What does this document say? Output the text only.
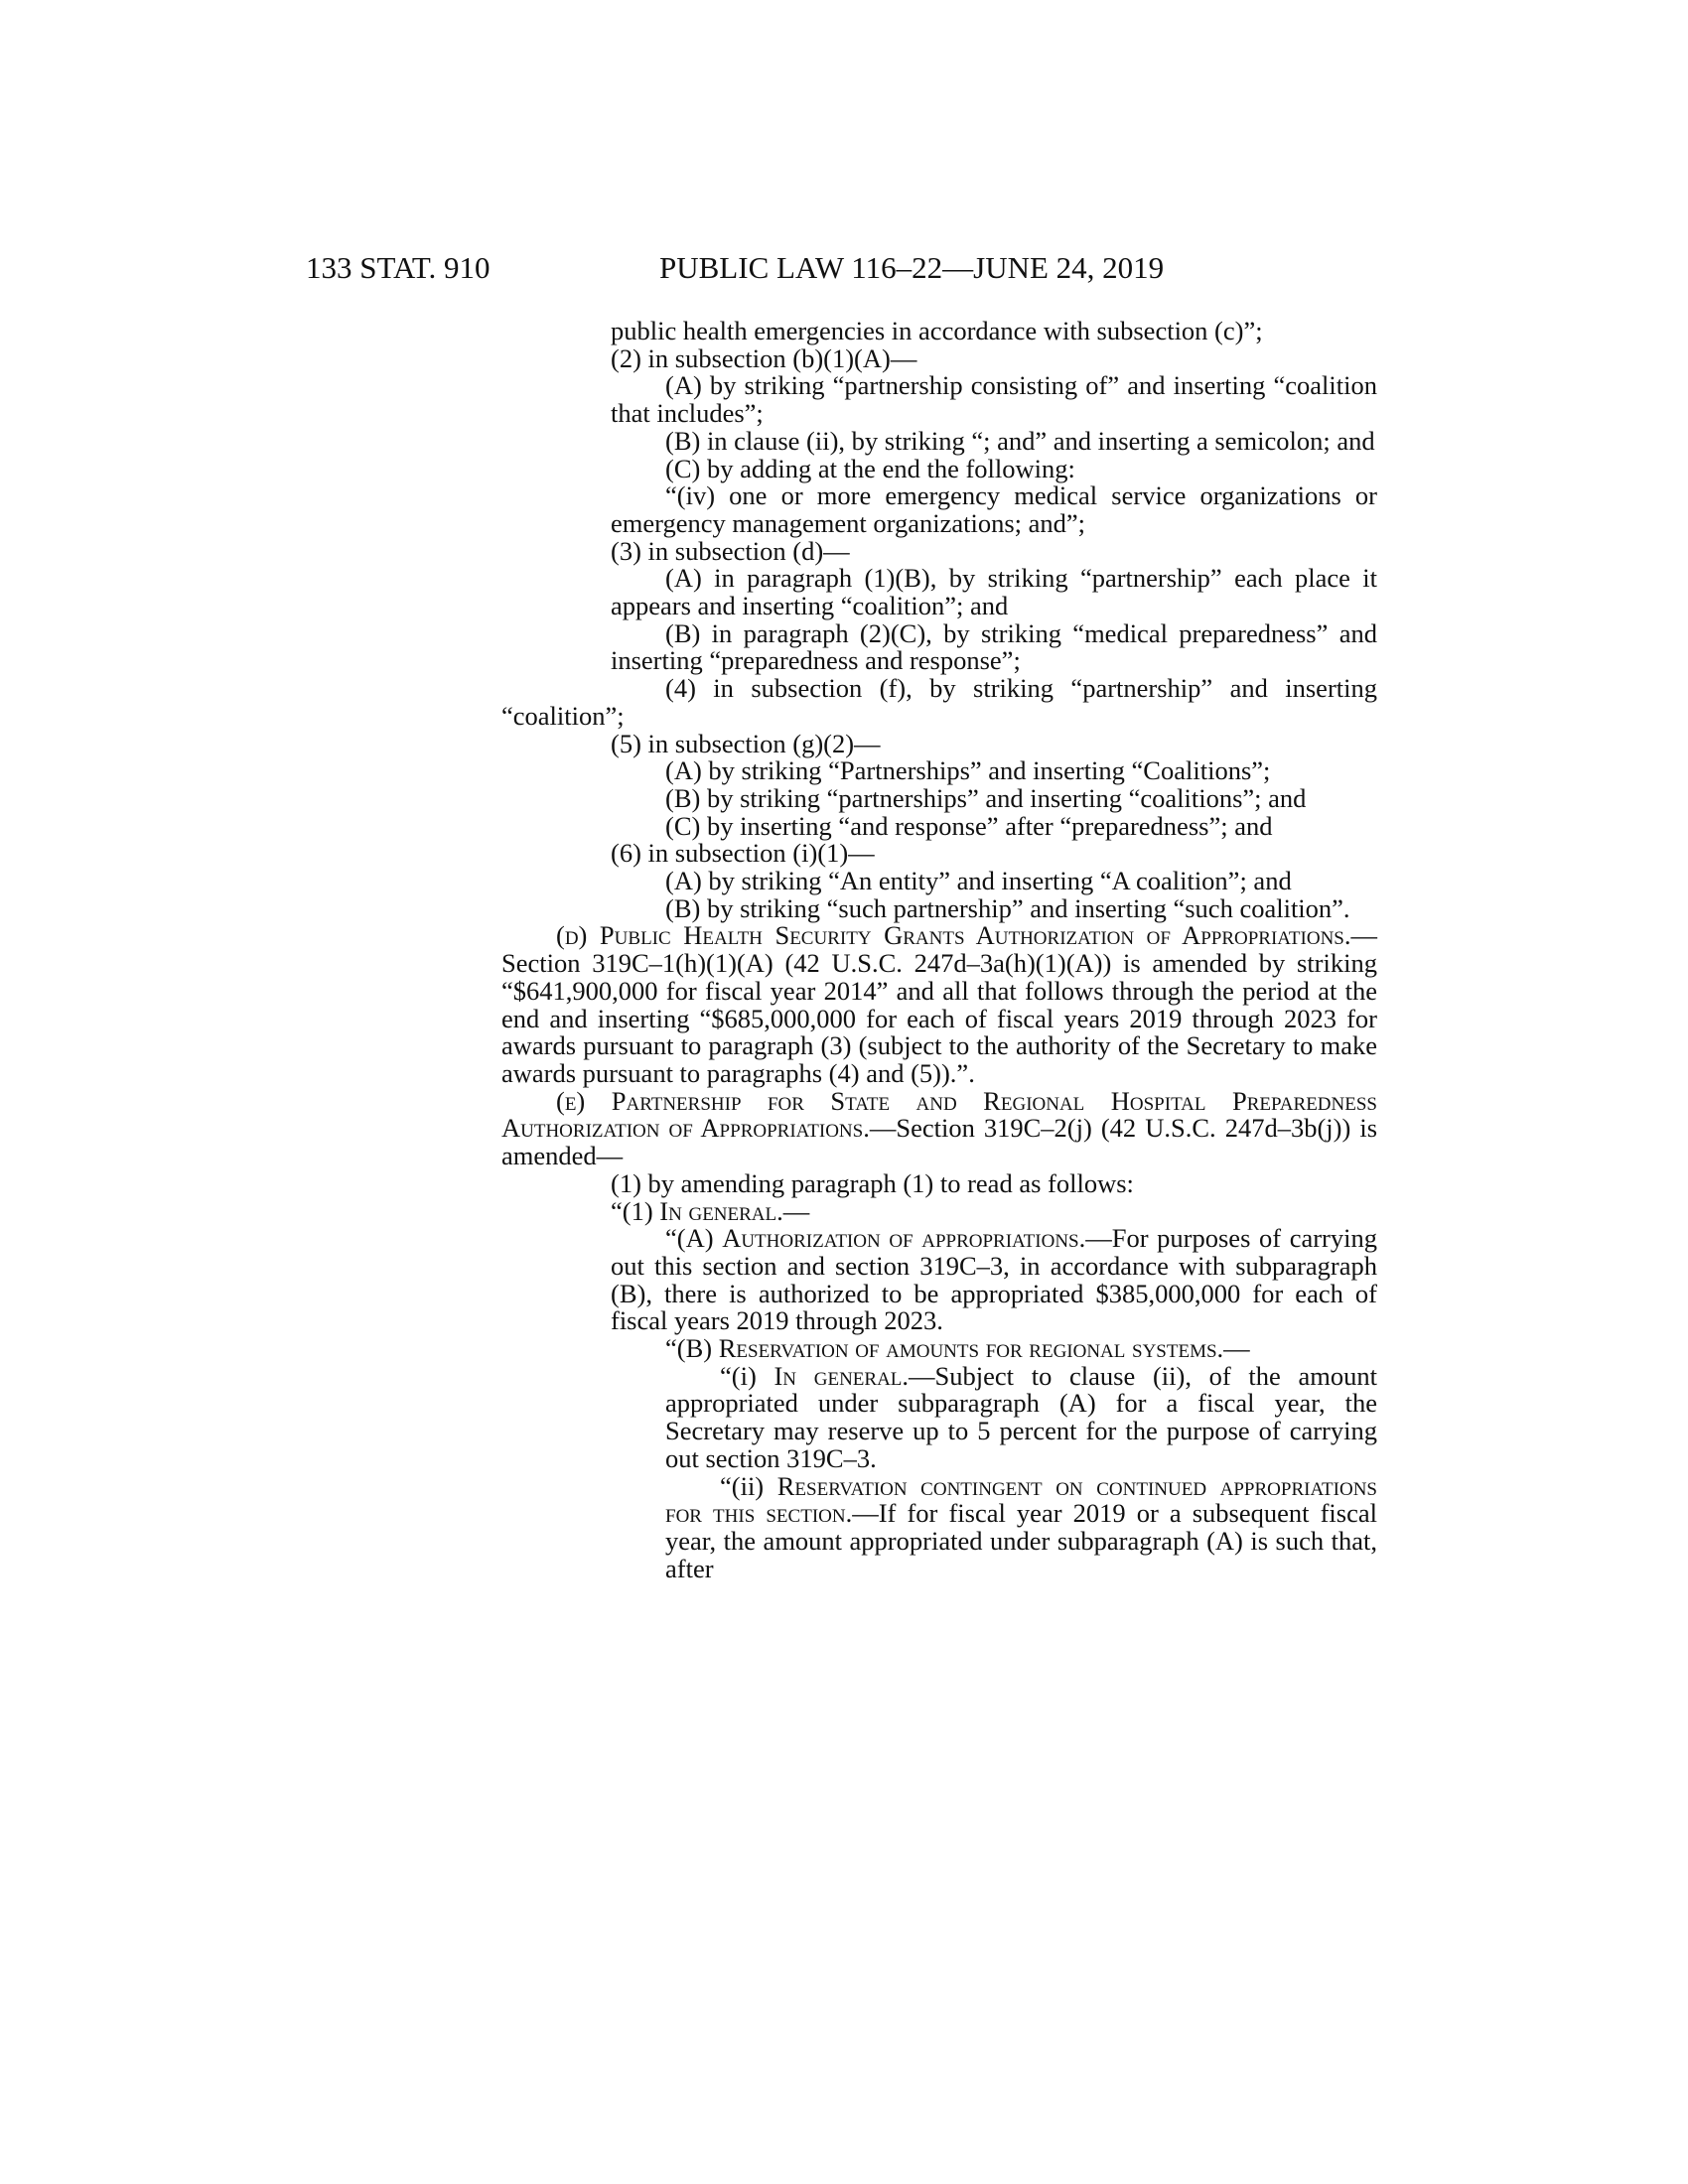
133 STAT. 910	PUBLIC LAW 116–22—JUNE 24, 2019

public health emergencies in accordance with subsection (c)”;

(2) in subsection (b)(1)(A)—

(A) by striking “partnership consisting of” and inserting “coalition that includes”;

(B) in clause (ii), by striking “; and” and inserting a semicolon; and

(C) by adding at the end the following:

“(iv) one or more emergency medical service organizations or emergency management organizations; and”;

(3) in subsection (d)—

(A) in paragraph (1)(B), by striking “partnership” each place it appears and inserting “coalition”; and

(B) in paragraph (2)(C), by striking “medical preparedness” and inserting “preparedness and response”;

(4) in subsection (f), by striking “partnership” and inserting “coalition”;

(5) in subsection (g)(2)—

(A) by striking “Partnerships” and inserting “Coalitions”;

(B) by striking “partnerships” and inserting “coalitions”; and

(C) by inserting “and response” after “preparedness”; and

(6) in subsection (i)(1)—

(A) by striking “An entity” and inserting “A coalition”; and

(B) by striking “such partnership” and inserting “such coalition”.

(d) Public Health Security Grants Authorization of Appropriations.—Section 319C–1(h)(1)(A) (42 U.S.C. 247d–3a(h)(1)(A)) is amended by striking “$641,900,000 for fiscal year 2014” and all that follows through the period at the end and inserting “$685,000,000 for each of fiscal years 2019 through 2023 for awards pursuant to paragraph (3) (subject to the authority of the Secretary to make awards pursuant to paragraphs (4) and (5)).”.

(e) Partnership for State and Regional Hospital Preparedness Authorization of Appropriations.—Section 319C–2(j) (42 U.S.C. 247d–3b(j)) is amended—

(1) by amending paragraph (1) to read as follows:

“(1) In general.—

“(A) Authorization of appropriations.—For purposes of carrying out this section and section 319C–3, in accordance with subparagraph (B), there is authorized to be appropriated $385,000,000 for each of fiscal years 2019 through 2023.

“(B) Reservation of amounts for regional systems.—

“(i) In general.—Subject to clause (ii), of the amount appropriated under subparagraph (A) for a fiscal year, the Secretary may reserve up to 5 percent for the purpose of carrying out section 319C–3.

“(ii) Reservation contingent on continued appropriations for this section.—If for fiscal year 2019 or a subsequent fiscal year, the amount appropriated under subparagraph (A) is such that, after
